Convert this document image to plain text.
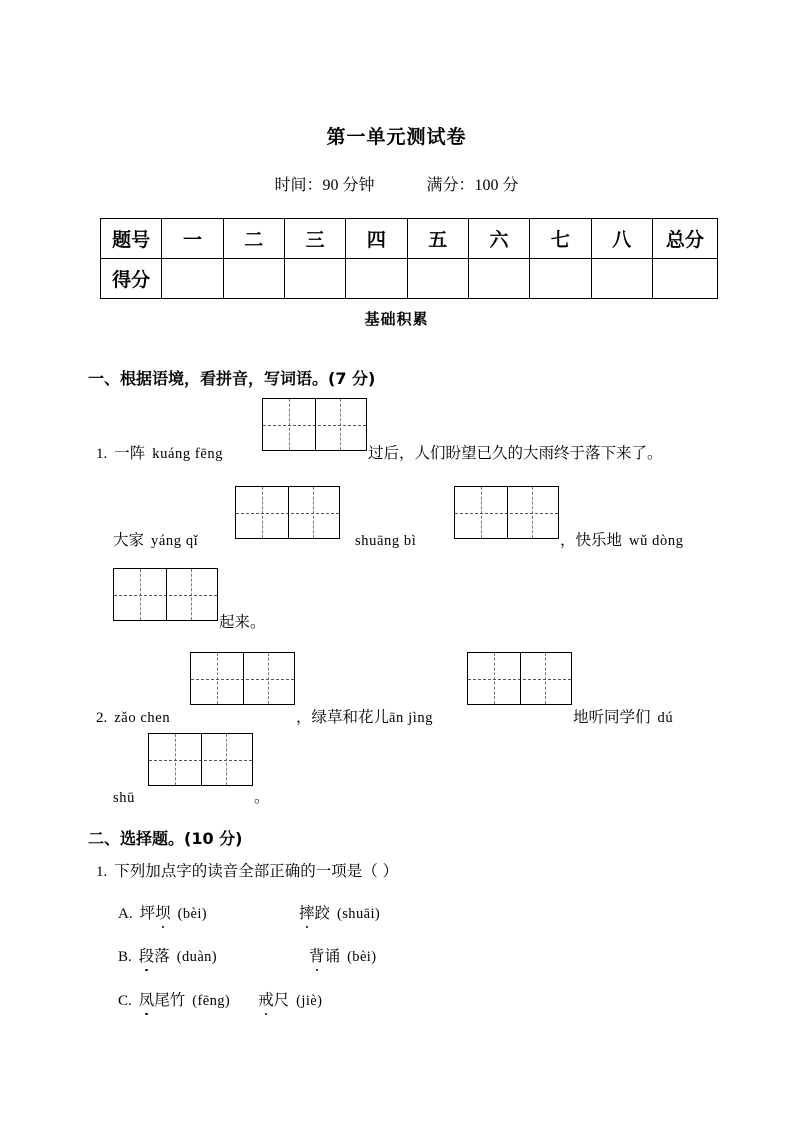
第一单元测试卷
时间：90 分钟	满分：100 分
题号	一	二	三	四	五	六	七	八	总分
得分									
基础积累
一、根据语境，看拼音，写词语。(7 分)
1. 一阵 kuáng fēng	过后，人们盼望已久的大雨终于落下来了。
大家 yáng qǐ	shuāng bì	，快乐地 wǔ dòng
起来。
2. zǎo chen	，绿草和花儿ān jìng	地听同学们 dú
shū	。
二、选择题。(10 分)
1. 下列加点字的读音全部正确的一项是（ ）
A. 坪坝 (bèi)	摔跤 (shuāi)
B. 段落 (duàn)	背诵 (bèi)
C. 凤尾竹 (fēng) 戒尺 (jiè)
